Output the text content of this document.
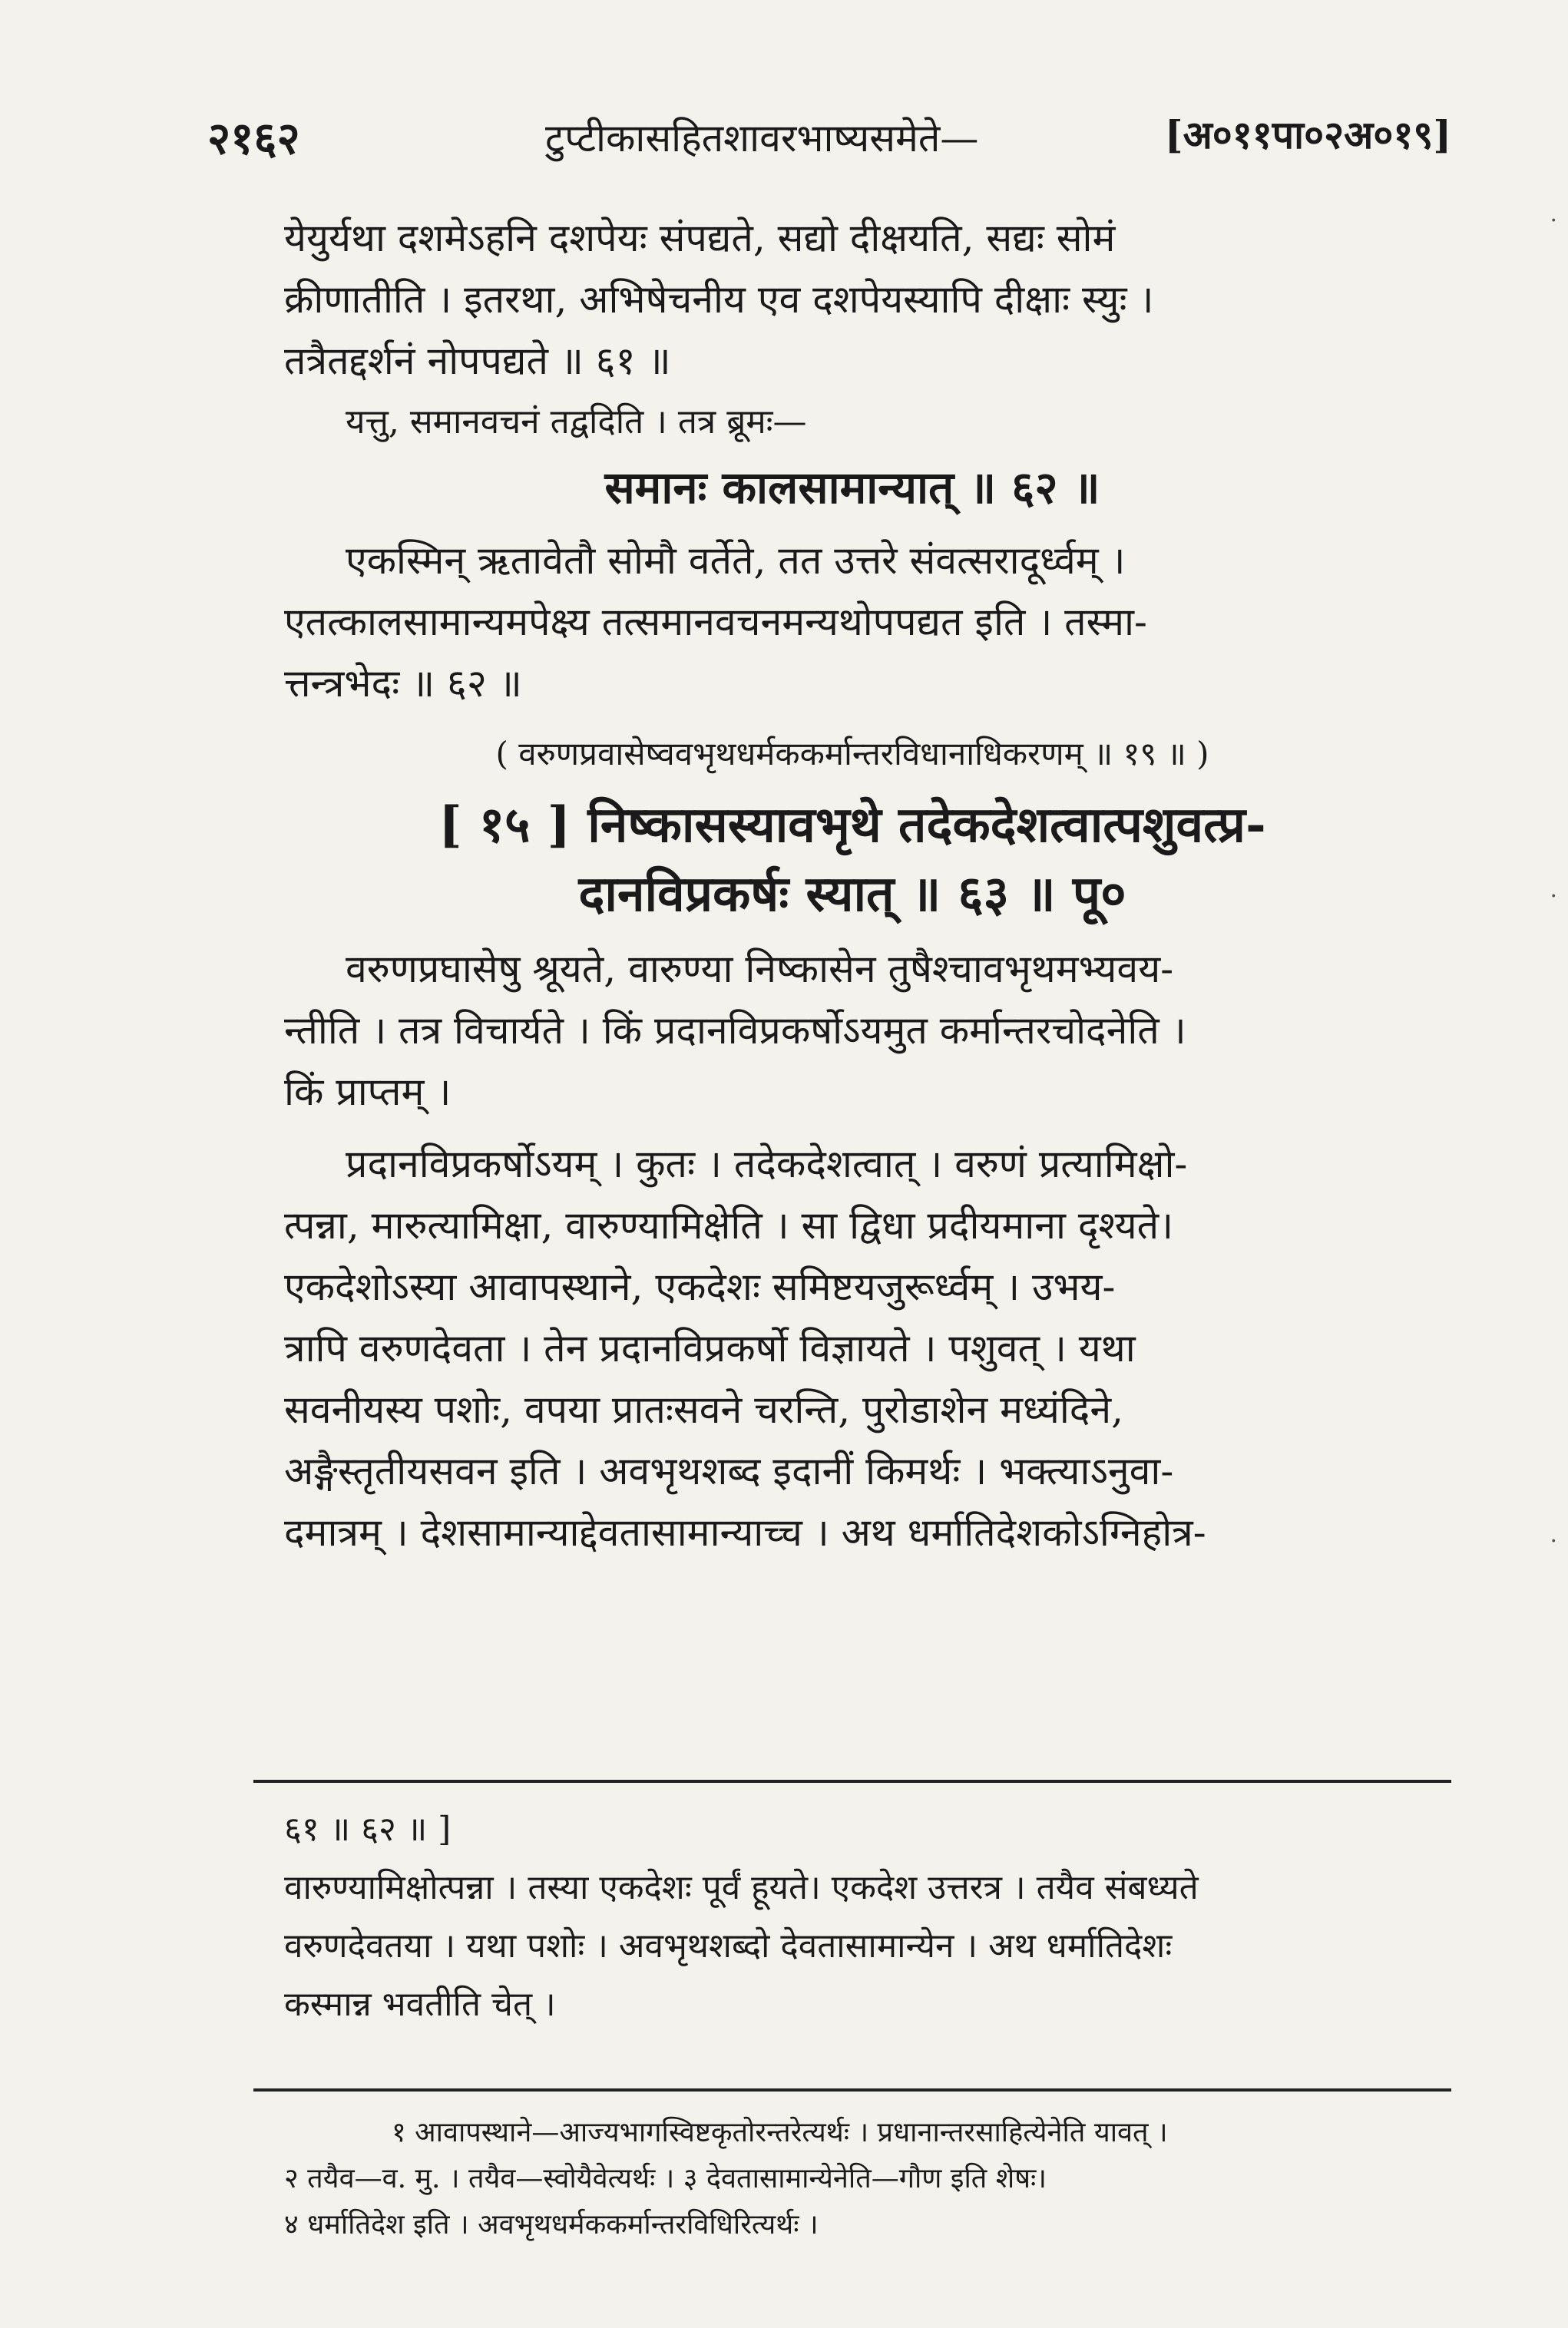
२१६२	टुप्टीकासहितशावरभाष्यसमेते—	[अ०११पा०२अ०१९]

येयुर्यथा दशमेऽहनि दशपेयः संपद्यते, सद्यो दीक्षयति, सद्यः सोमं

क्रीणातीति । इतरथा, अभिषेचनीय एव दशपेयस्यापि दीक्षाः स्युः ।

तत्रैतद्दर्शनं नोपपद्यते ॥ ६१ ॥

यत्तु, समानवचनं तद्वदिति । तत्र ब्रूमः—

समानः कालसामान्यात् ॥ ६२ ॥

एकस्मिन् ऋतावेतौ सोमौ वर्तेते, तत उत्तरे संवत्सरादूर्ध्वम् ।

एतत्कालसामान्यमपेक्ष्य तत्समानवचनमन्यथोपपद्यत इति । तस्मा-

त्तन्त्रभेदः ॥ ६२ ॥

( वरुणप्रवासेष्ववभृथधर्मककर्मान्तरविधानाधिकरणम् ॥ १९ ॥ )

[ १५ ] निष्कासस्यावभृथे तदेकदेशत्वात्पशुवत्प्र-

दानविप्रकर्षः स्यात् ॥ ६३ ॥ पू०

वरुणप्रघासेषु श्रूयते, वारुण्या निष्कासेन तुषैश्चावभृथमभ्यवय-

न्तीति । तत्र विचार्यते । किं प्रदानविप्रकर्षोऽयमुत कर्मान्तरचोदनेति ।

किं प्राप्तम् ।

प्रदानविप्रकर्षोऽयम् । कुतः । तदेकदेशत्वात् । वरुणं प्रत्यामिक्षो-

त्पन्ना, मारुत्यामिक्षा, वारुण्यामिक्षेति । सा द्विधा प्रदीयमाना दृश्यते।

एकदेशोऽस्या आवापस्थाने, एकदेशः समिष्टयजुरूर्ध्वम् । उभय-

त्रापि वरुणदेवता । तेन प्रदानविप्रकर्षो विज्ञायते । पशुवत् । यथा

सवनीयस्य पशोः, वपया प्रातःसवने चरन्ति, पुरोडाशेन मध्यंदिने,

अङ्गैस्तृतीयसवन इति । अवभृथशब्द इदानीं किमर्थः । भक्त्याऽनुवा-

दमात्रम् । देशसामान्याद्देवतासामान्याच्च । अथ धर्मातिदेशकोऽग्निहोत्र-

६१ ॥ ६२ ॥ ]

वारुण्यामिक्षोत्पन्ना । तस्या एकदेशः पूर्वं हूयते। एकदेश उत्तरत्र । तयैव संबध्यते

वरुणदेवतया । यथा पशोः । अवभृथशब्दो देवतासामान्येन । अथ धर्मातिदेशः

कस्मान्न भवतीति चेत् ।

१ आवापस्थाने—आज्यभागस्विष्टकृतोरन्तरेत्यर्थः । प्रधानान्तरसाहित्येनेति यावत् ।

२ तयैव—व. मु. । तयैव—स्वोयैवेत्यर्थः । ३ देवतासामान्येनेति—गौण इति शेषः।

४ धर्मातिदेश इति । अवभृथधर्मककर्मान्तरविधिरित्यर्थः ।

·
·
·
